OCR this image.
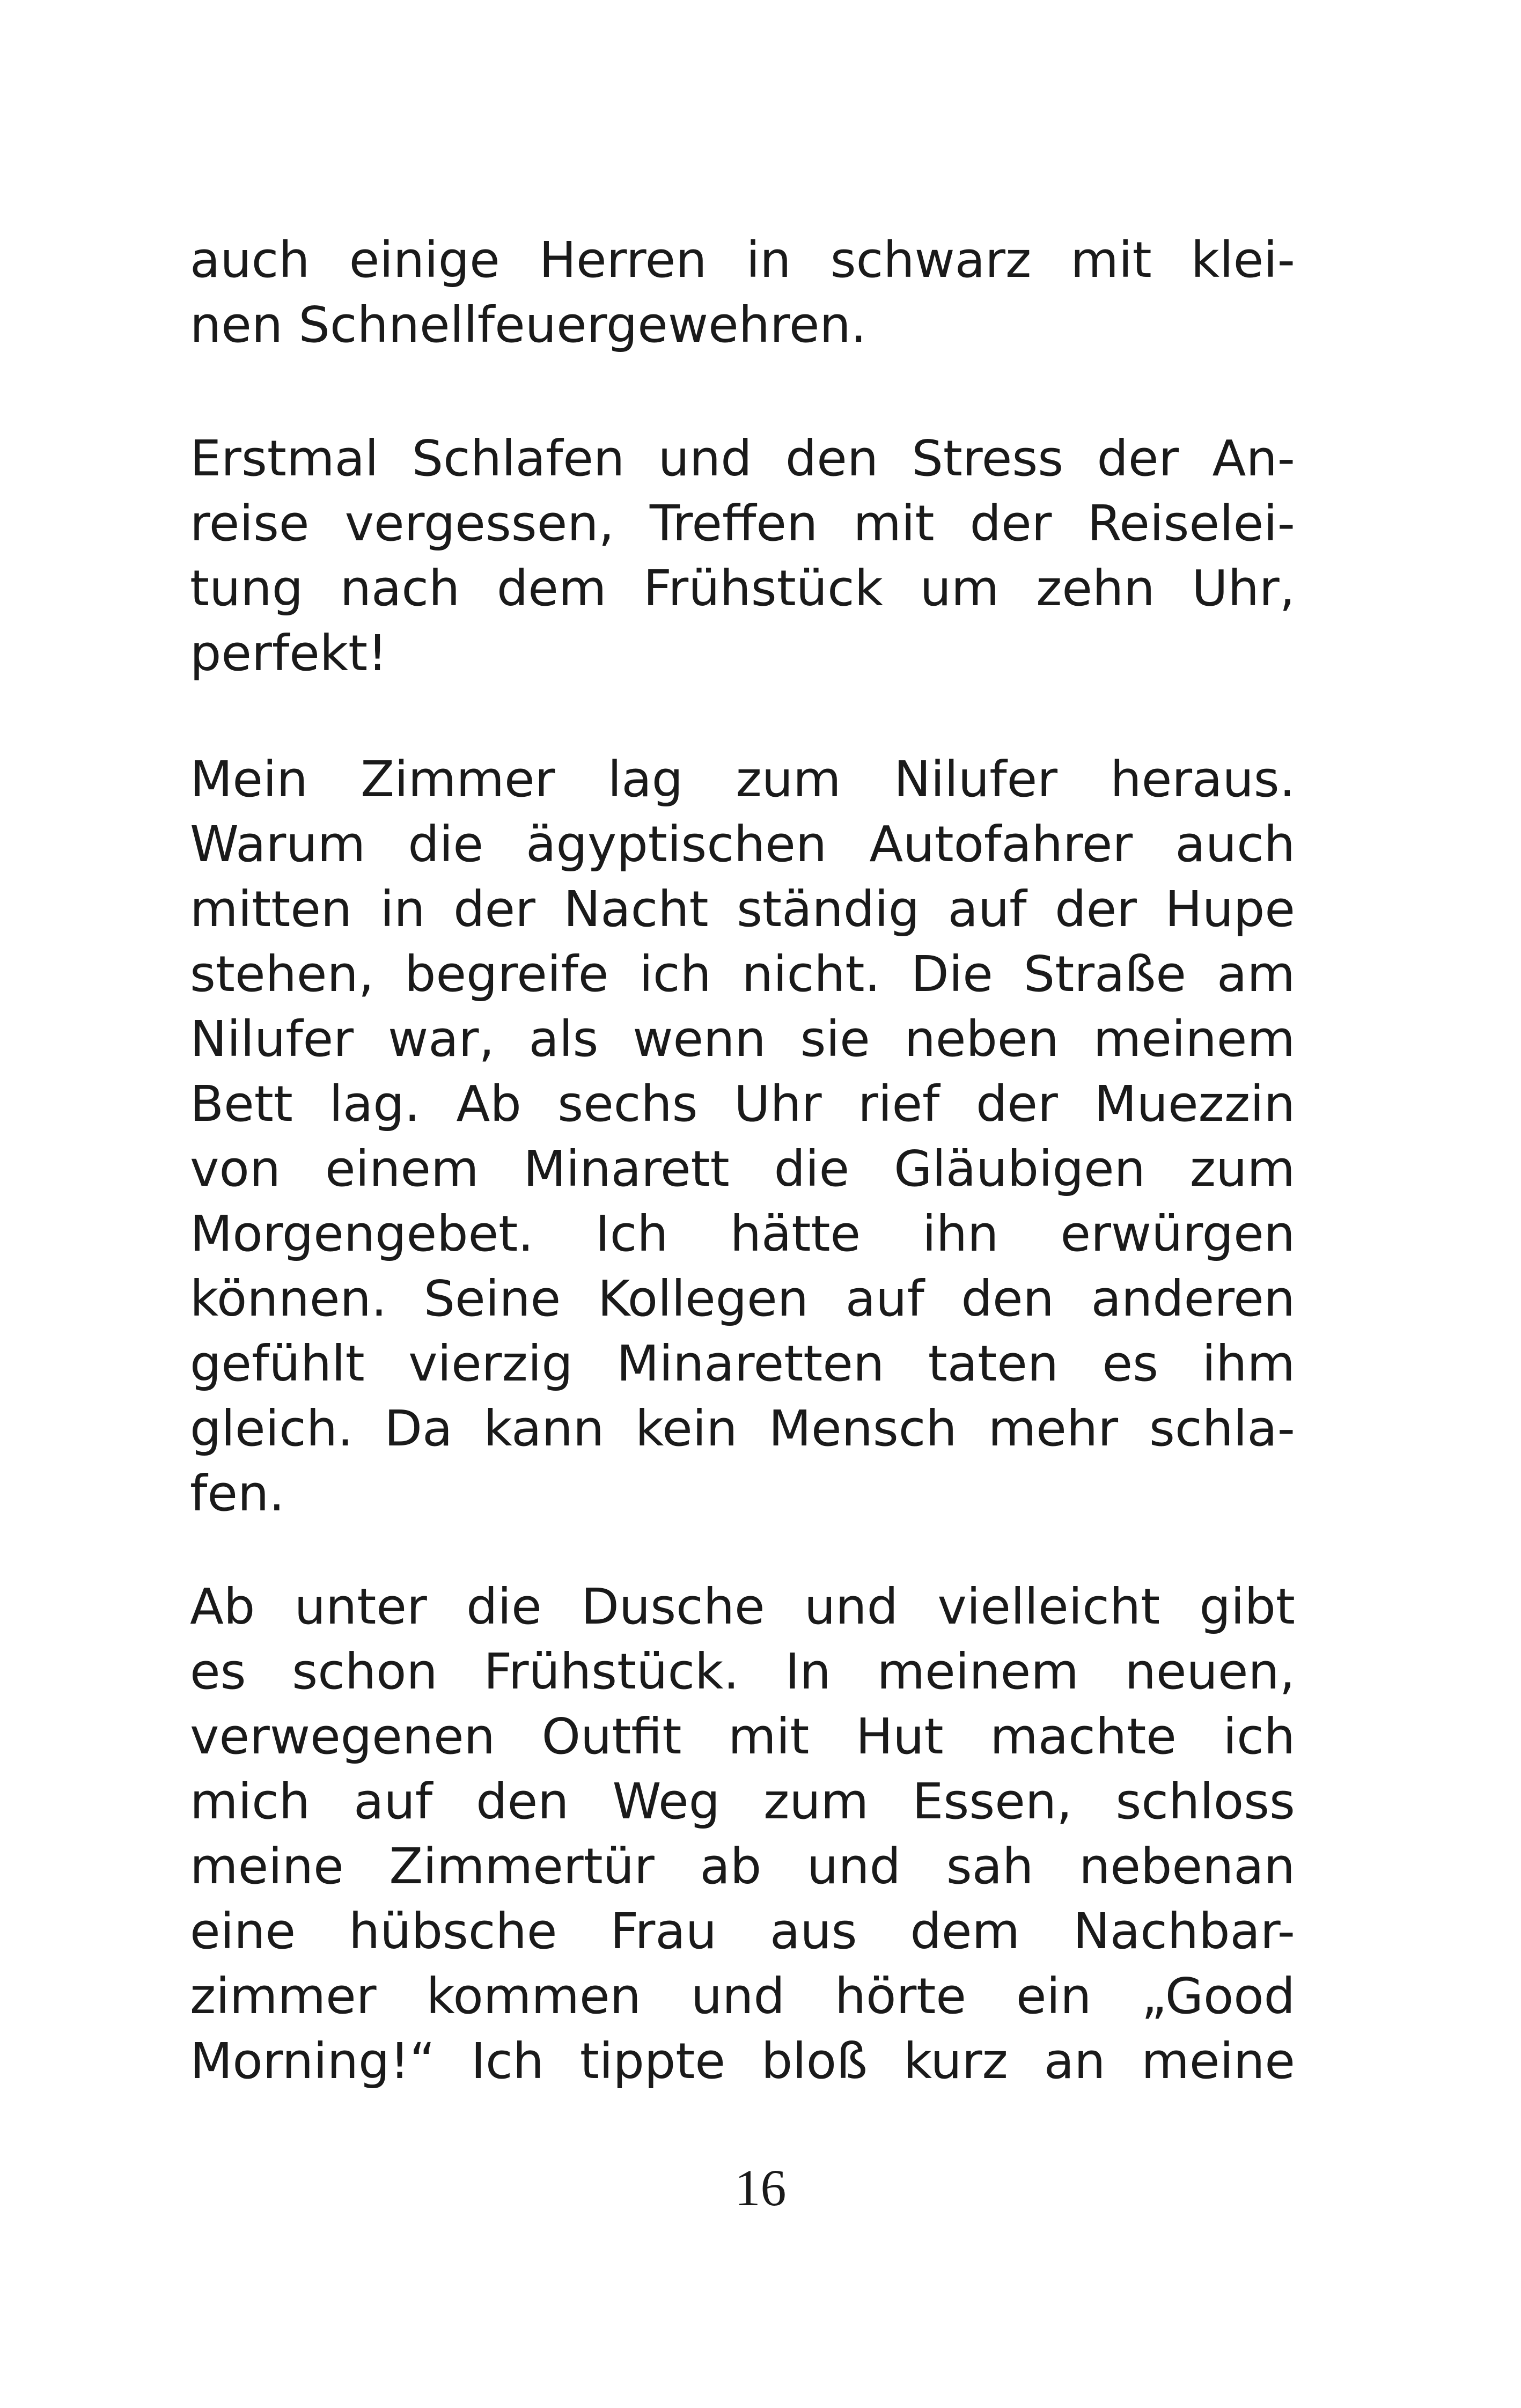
auch einige Herren in schwarz mit klei-
nen Schnellfeuergewehren.
Erstmal Schlafen und den Stress der An-
reise vergessen, Treffen mit der Reiselei-
tung nach dem Frühstück um zehn Uhr,
perfekt!
Mein Zimmer lag zum Nilufer heraus.
Warum die ägyptischen Autofahrer auch
mitten in der Nacht ständig auf der Hupe
stehen, begreife ich nicht. Die Straße am
Nilufer war, als wenn sie neben meinem
Bett lag. Ab sechs Uhr rief der Muezzin
von einem Minarett die Gläubigen zum
Morgengebet. Ich hätte ihn erwürgen
können. Seine Kollegen auf den anderen
gefühlt vierzig Minaretten taten es ihm
gleich. Da kann kein Mensch mehr schla-
fen.
Ab unter die Dusche und vielleicht gibt
es schon Frühstück. In meinem neuen,
verwegenen Outfit mit Hut machte ich
mich auf den Weg zum Essen, schloss
meine Zimmertür ab und sah nebenan
eine hübsche Frau aus dem Nachbar-
zimmer kommen und hörte ein „Good
Morning!“ Ich tippte bloß kurz an meine
16
